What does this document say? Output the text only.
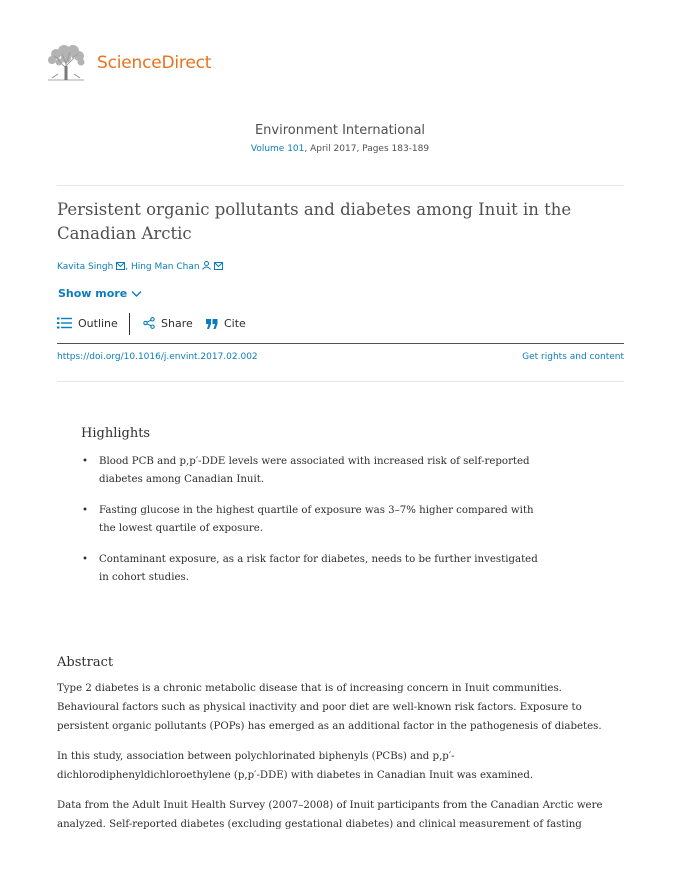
ScienceDirect
Environment International
Volume 101, April 2017, Pages 183-189
Persistent organic pollutants and diabetes among Inuit in the Canadian Arctic
Kavita Singh , Hing Man Chan
Show more
Outline	Share	Cite
https://doi.org/10.1016/j.envint.2017.02.002	Get rights and content
Highlights
• Blood PCB and p,p′-DDE levels were associated with increased risk of self-reported
diabetes among Canadian Inuit.
• Fasting glucose in the highest quartile of exposure was 3–7% higher compared with
the lowest quartile of exposure.
• Contaminant exposure, as a risk factor for diabetes, needs to be further investigated
in cohort studies.
Abstract
Type 2 diabetes is a chronic metabolic disease that is of increasing concern in Inuit communities.
Behavioural factors such as physical inactivity and poor diet are well-known risk factors. Exposure to
persistent organic pollutants (POPs) has emerged as an additional factor in the pathogenesis of diabetes.
In this study, association between polychlorinated biphenyls (PCBs) and p,p′-
dichlorodiphenyldichloroethylene (p,p′-DDE) with diabetes in Canadian Inuit was examined.
Data from the Adult Inuit Health Survey (2007–2008) of Inuit participants from the Canadian Arctic were
analyzed. Self-reported diabetes (excluding gestational diabetes) and clinical measurement of fasting
